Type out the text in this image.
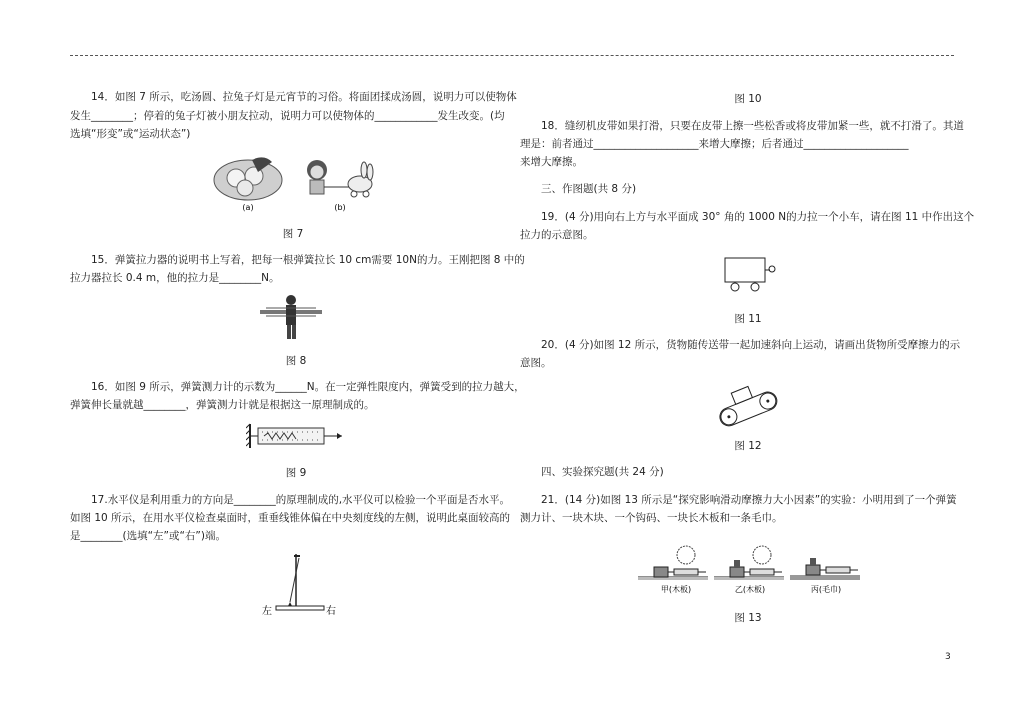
14．如图 7 所示，吃汤圆、拉兔子灯是元宵节的习俗。将面团揉成汤圆，说明力可以使物体
发生________；停着的兔子灯被小朋友拉动，说明力可以使物体的____________发生改变。(均
选填“形变”或“运动状态”)
(a)	(b)
图 7
15．弹簧拉力器的说明书上写着，把每一根弹簧拉长 10 cm需要 10N的力。王刚把图 8 中的
拉力器拉长 0.4 m，他的拉力是________N。
图 8
16．如图 9 所示，弹簧测力计的示数为______N。在一定弹性限度内，弹簧受到的拉力越大，
弹簧伸长量就越________，弹簧测力计就是根据这一原理制成的。
图 9
17.水平仪是利用重力的方向是________的原理制成的,水平仪可以检验一个平面是否水平。
如图 10 所示，在用水平仪检查桌面时，重垂线锥体偏在中央刻度线的左侧，说明此桌面较高的
是________(选填“左”或“右”)端。
左	右
图 10
18．缝纫机皮带如果打滑，只要在皮带上擦一些松香或将皮带加紧一些，就不打滑了。其道
理是：前者通过____________________来增大摩擦；后者通过____________________
来增大摩擦。
三、作图题(共 8 分)
19．(4 分)用向右上方与水平面成 30° 角的 1000 N的力拉一个小车，请在图 11 中作出这个
拉力的示意图。
图 11
20．(4 分)如图 12 所示，货物随传送带一起加速斜向上运动，请画出货物所受摩擦力的示
意图。
图 12
四、实验探究题(共 24 分)
21．(14 分)如图 13 所示是“探究影响滑动摩擦力大小因素”的实验：小明用到了一个弹簧
测力计、一块木块、一个钩码、一块长木板和一条毛巾。
甲(木板)	乙(木板)	丙(毛巾)
图 13
3
